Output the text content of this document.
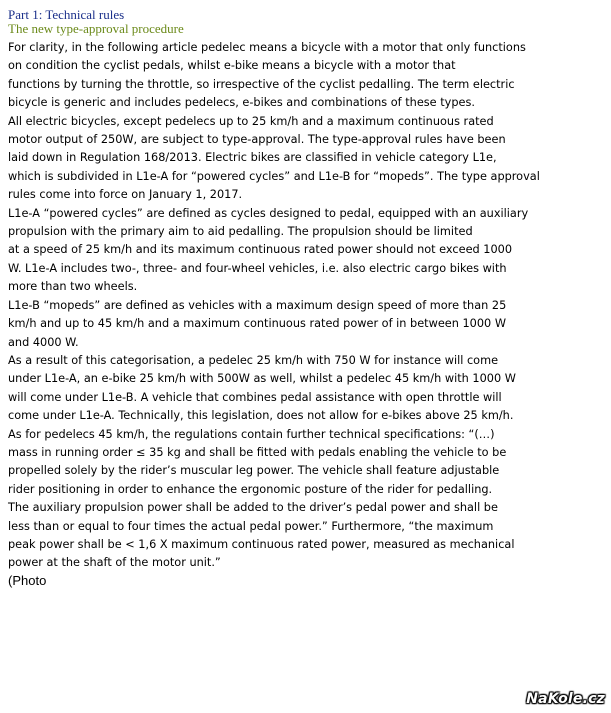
Part 1: Technical rules

The new type-approval procedure

For clarity, in the following article pedelec means a bicycle with a motor that only functions
on condition the cyclist pedals, whilst e-bike means a bicycle with a motor that
functions by turning the throttle, so irrespective of the cyclist pedalling. The term electric
bicycle is generic and includes pedelecs, e-bikes and combinations of these types.
All electric bicycles, except pedelecs up to 25 km/h and a maximum continuous rated
motor output of 250W, are subject to type-approval. The type-approval rules have been
laid down in Regulation 168/2013. Electric bikes are classified in vehicle category L1e,
which is subdivided in L1e-A for “powered cycles” and L1e-B for “mopeds”. The type approval
rules come into force on January 1, 2017.
L1e-A “powered cycles” are defined as cycles designed to pedal, equipped with an auxiliary
propulsion with the primary aim to aid pedalling. The propulsion should be limited
at a speed of 25 km/h and its maximum continuous rated power should not exceed 1000
W. L1e-A includes two-, three- and four-wheel vehicles, i.e. also electric cargo bikes with
more than two wheels.
L1e-B “mopeds” are defined as vehicles with a maximum design speed of more than 25
km/h and up to 45 km/h and a maximum continuous rated power of in between 1000 W
and 4000 W.
As a result of this categorisation, a pedelec 25 km/h with 750 W for instance will come
under L1e-A, an e-bike 25 km/h with 500W as well, whilst a pedelec 45 km/h with 1000 W
will come under L1e-B. A vehicle that combines pedal assistance with open throttle will
come under L1e-A. Technically, this legislation, does not allow for e-bikes above 25 km/h.
As for pedelecs 45 km/h, the regulations contain further technical specifications: “(…)
mass in running order ≤ 35 kg and shall be fitted with pedals enabling the vehicle to be
propelled solely by the rider’s muscular leg power. The vehicle shall feature adjustable
rider positioning in order to enhance the ergonomic posture of the rider for pedalling.
The auxiliary propulsion power shall be added to the driver’s pedal power and shall be
less than or equal to four times the actual pedal power.” Furthermore, “the maximum
peak power shall be < 1,6 X maximum continuous rated power, measured as mechanical
power at the shaft of the motor unit.”
(Photo
NaKole.cz
